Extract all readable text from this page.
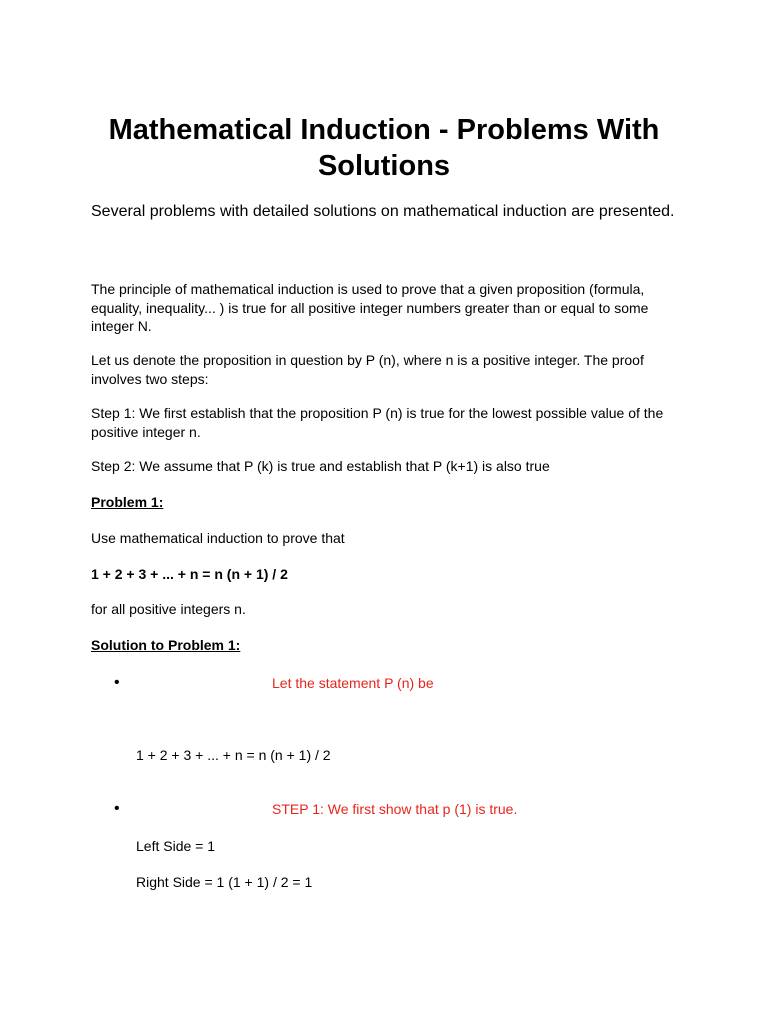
Mathematical Induction - Problems With Solutions

Several problems with detailed solutions on mathematical induction are presented.

The principle of mathematical induction is used to prove that a given proposition (formula, equality, inequality... ) is true for all positive integer numbers greater than or equal to some integer N.

Let us denote the proposition in question by P (n), where n is a positive integer. The proof involves two steps:

Step 1: We first establish that the proposition P (n) is true for the lowest possible value of the positive integer n.

Step 2: We assume that P (k) is true and establish that P (k+1) is also true

Problem 1:

Use mathematical induction to prove that

1 + 2 + 3 + ... + n = n (n + 1) / 2

for all positive integers n.

Solution to Problem 1:

•	Let the statement P (n) be

1 + 2 + 3 + ... + n = n (n + 1) / 2

•	STEP 1: We first show that p (1) is true.

Left Side = 1

Right Side = 1 (1 + 1) / 2 = 1
